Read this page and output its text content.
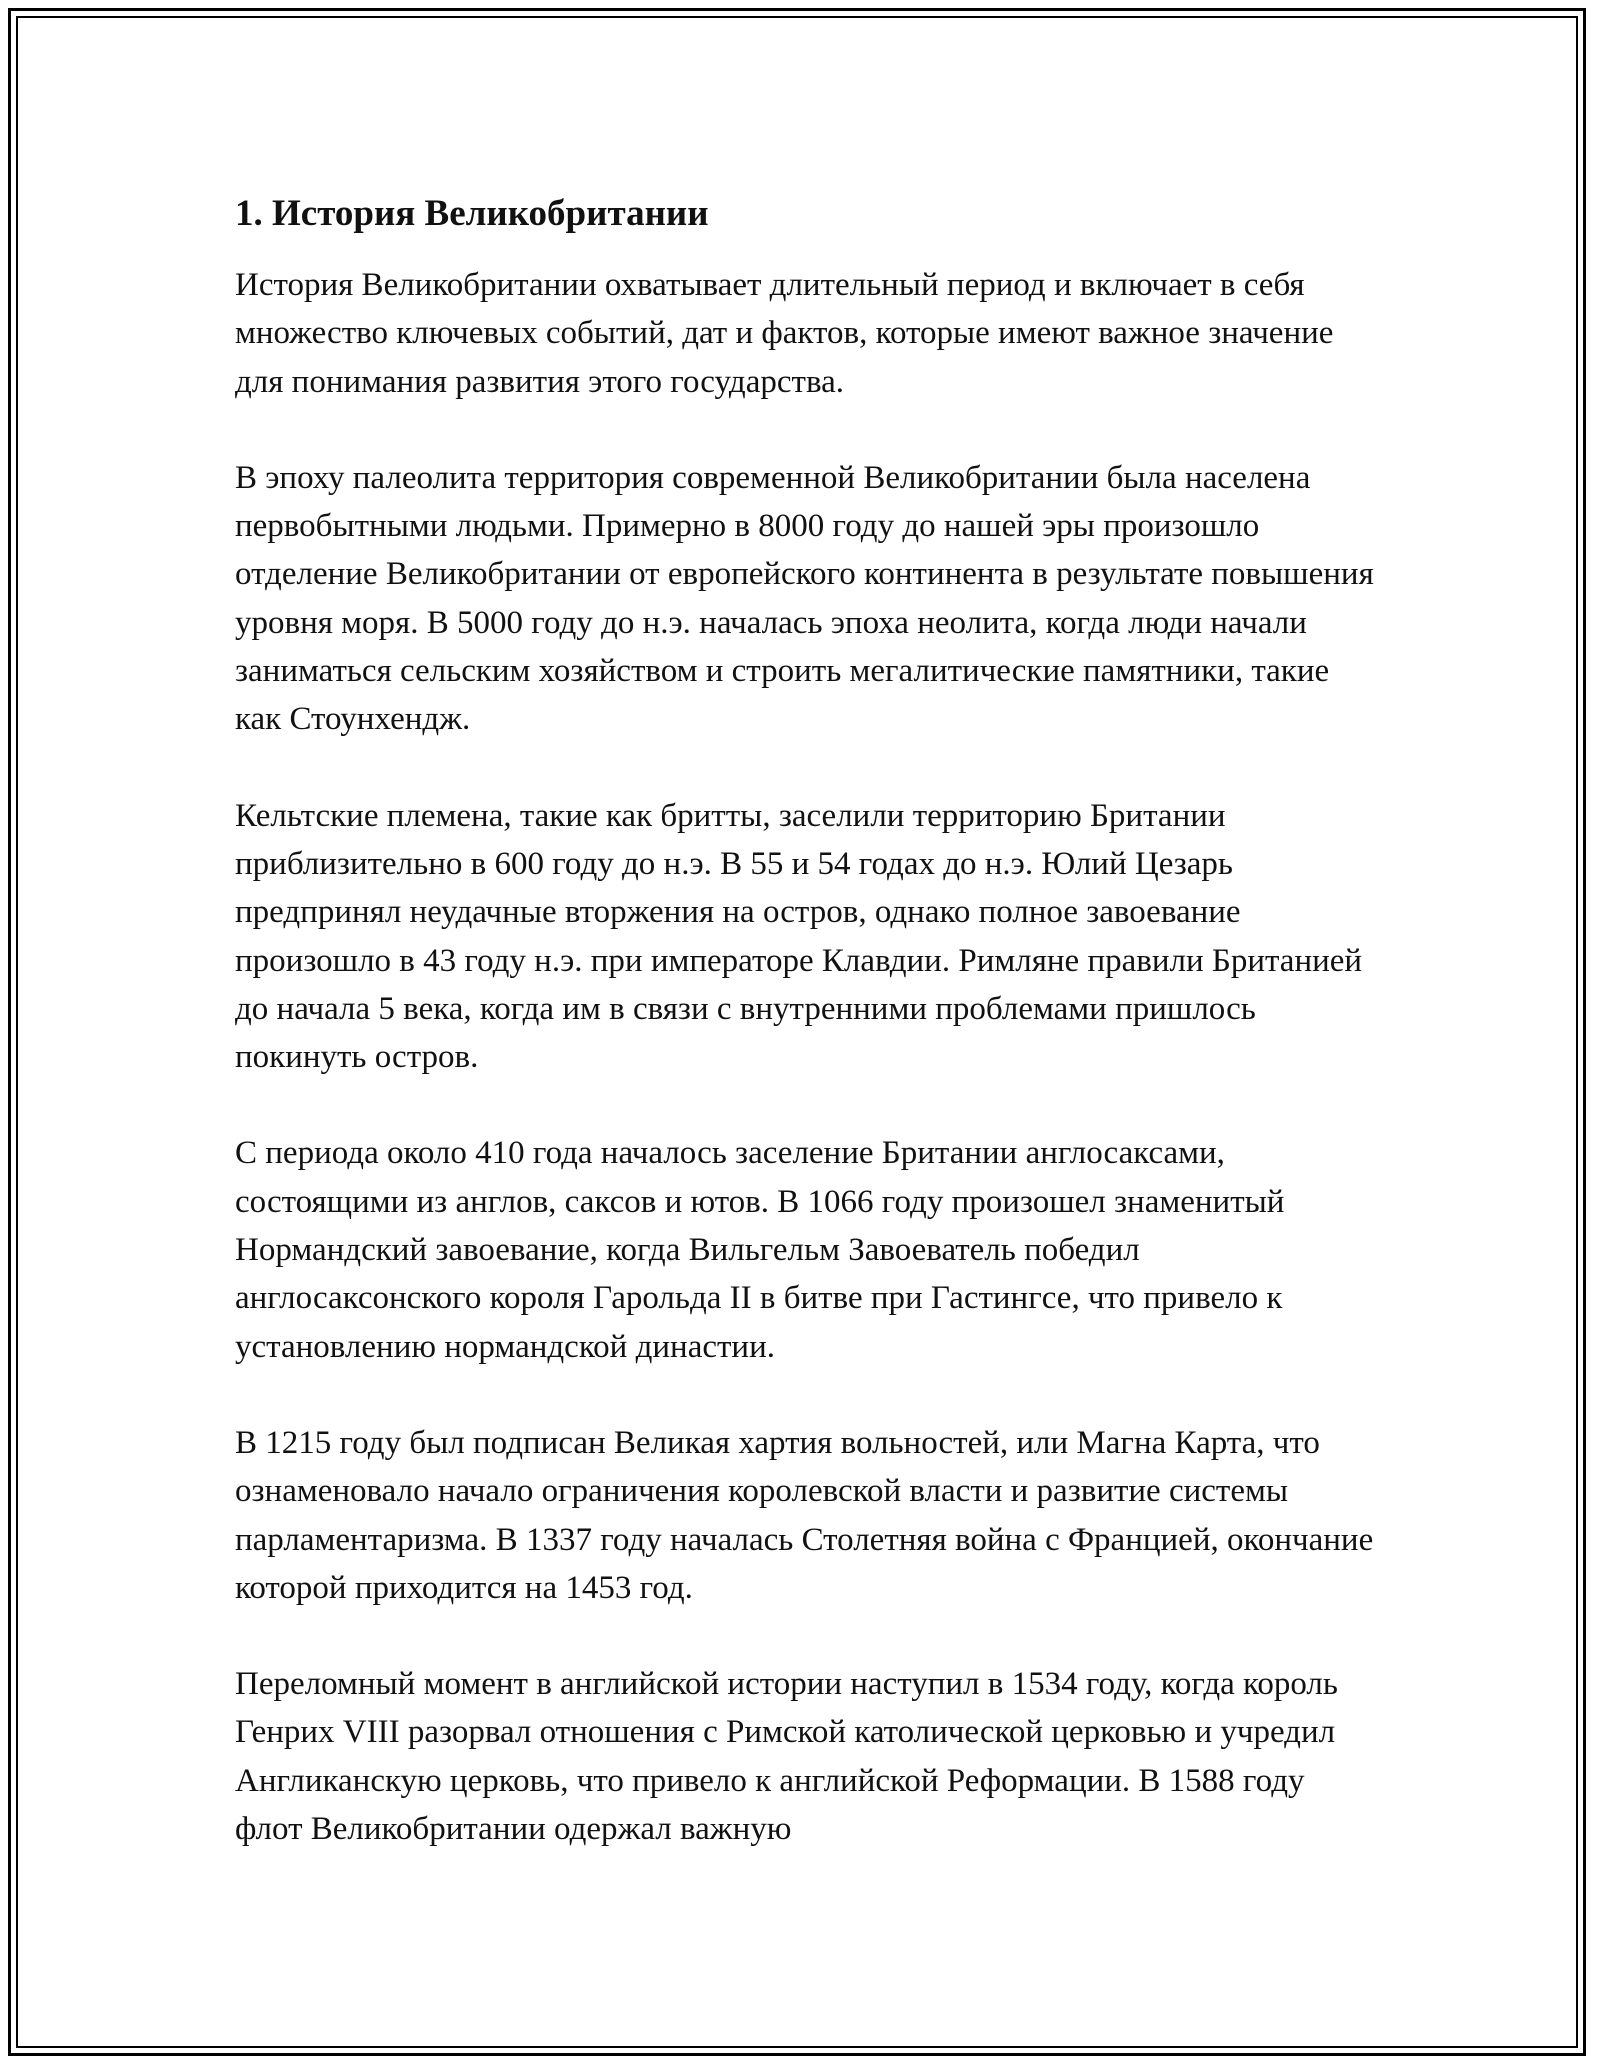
1. История Великобритании
История Великобритании охватывает длительный период и включает в себя множество ключевых событий, дат и фактов, которые имеют важное значение для понимания развития этого государства.
В эпоху палеолита территория современной Великобритании была населена первобытными людьми. Примерно в 8000 году до нашей эры произошло отделение Великобритании от европейского континента в результате повышения уровня моря. В 5000 году до н.э. началась эпоха неолита, когда люди начали заниматься сельским хозяйством и строить мегалитические памятники, такие как Стоунхендж.
Кельтские племена, такие как бритты, заселили территорию Британии приблизительно в 600 году до н.э. В 55 и 54 годах до н.э. Юлий Цезарь предпринял неудачные вторжения на остров, однако полное завоевание произошло в 43 году н.э. при императоре Клавдии. Римляне правили Британией до начала 5 века, когда им в связи с внутренними проблемами пришлось покинуть остров.
С периода около 410 года началось заселение Британии англосаксами, состоящими из англов, саксов и ютов. В 1066 году произошел знаменитый Нормандский завоевание, когда Вильгельм Завоеватель победил англосаксонского короля Гарольда II в битве при Гастингсе, что привело к установлению нормандской династии.
В 1215 году был подписан Великая хартия вольностей, или Магна Карта, что ознаменовало начало ограничения королевской власти и развитие системы парламентаризма. В 1337 году началась Столетняя война с Францией, окончание которой приходится на 1453 год.
Переломный момент в английской истории наступил в 1534 году, когда король Генрих VIII разорвал отношения с Римской католической церковью и учредил Англиканскую церковь, что привело к английской Реформации. В 1588 году флот Великобритании одержал важную
